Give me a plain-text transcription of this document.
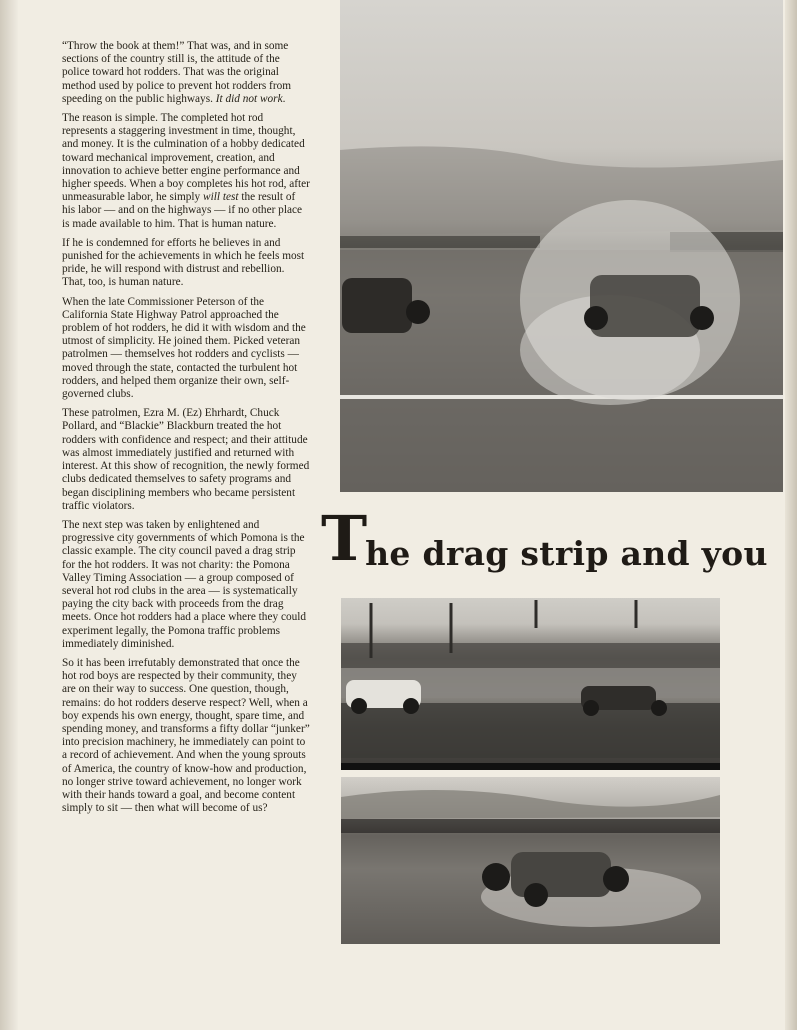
“Throw the book at them!” That was, and in some sections of the country still is, the attitude of the police toward hot rodders. That was the original method used by police to prevent hot rodders from speeding on the public highways. It did not work.

The reason is simple. The completed hot rod represents a staggering investment in time, thought, and money. It is the culmination of a hobby dedicated toward mechanical improvement, creation, and innovation to achieve better engine performance and higher speeds. When a boy completes his hot rod, after unmeasurable labor, he simply will test the result of his labor — and on the highways — if no other place is made available to him. That is human nature.

If he is condemned for efforts he believes in and punished for the achievements in which he feels most pride, he will respond with distrust and rebellion. That, too, is human nature.

When the late Commissioner Peterson of the California State Highway Patrol approached the problem of hot rodders, he did it with wisdom and the utmost of simplicity. He joined them. Picked veteran patrolmen — themselves hot rodders and cyclists — moved through the state, contacted the turbulent hot rodders, and helped them organize their own, self-governed clubs.

These patrolmen, Ezra M. (Ez) Ehrhardt, Chuck Pollard, and “Blackie” Blackburn treated the hot rodders with confidence and respect; and their attitude was almost immediately justified and returned with interest. At this show of recognition, the newly formed clubs dedicated themselves to safety programs and began disciplining members who became persistent traffic violators.

The next step was taken by enlightened and progressive city governments of which Pomona is the classic example. The city council paved a drag strip for the hot rodders. It was not charity: the Pomona Valley Timing Association — a group composed of several hot rod clubs in the area — is systematically paying the city back with proceeds from the drag meets. Once hot rodders had a place where they could experiment legally, the Pomona traffic problems immediately diminished.

So it has been irrefutably demonstrated that once the hot rod boys are respected by their community, they are on their way to success. One question, though, remains: do hot rodders deserve respect? Well, when a boy expends his own energy, thought, spare time, and spending money, and transforms a fifty dollar “junker” into precision machinery, he immediately can point to a record of achievement. And when the young sprouts of America, the country of know-how and production, no longer strive toward achievement, no longer work with their hands toward a goal, and become content simply to sit — then what will become of us?

The drag strip and you
